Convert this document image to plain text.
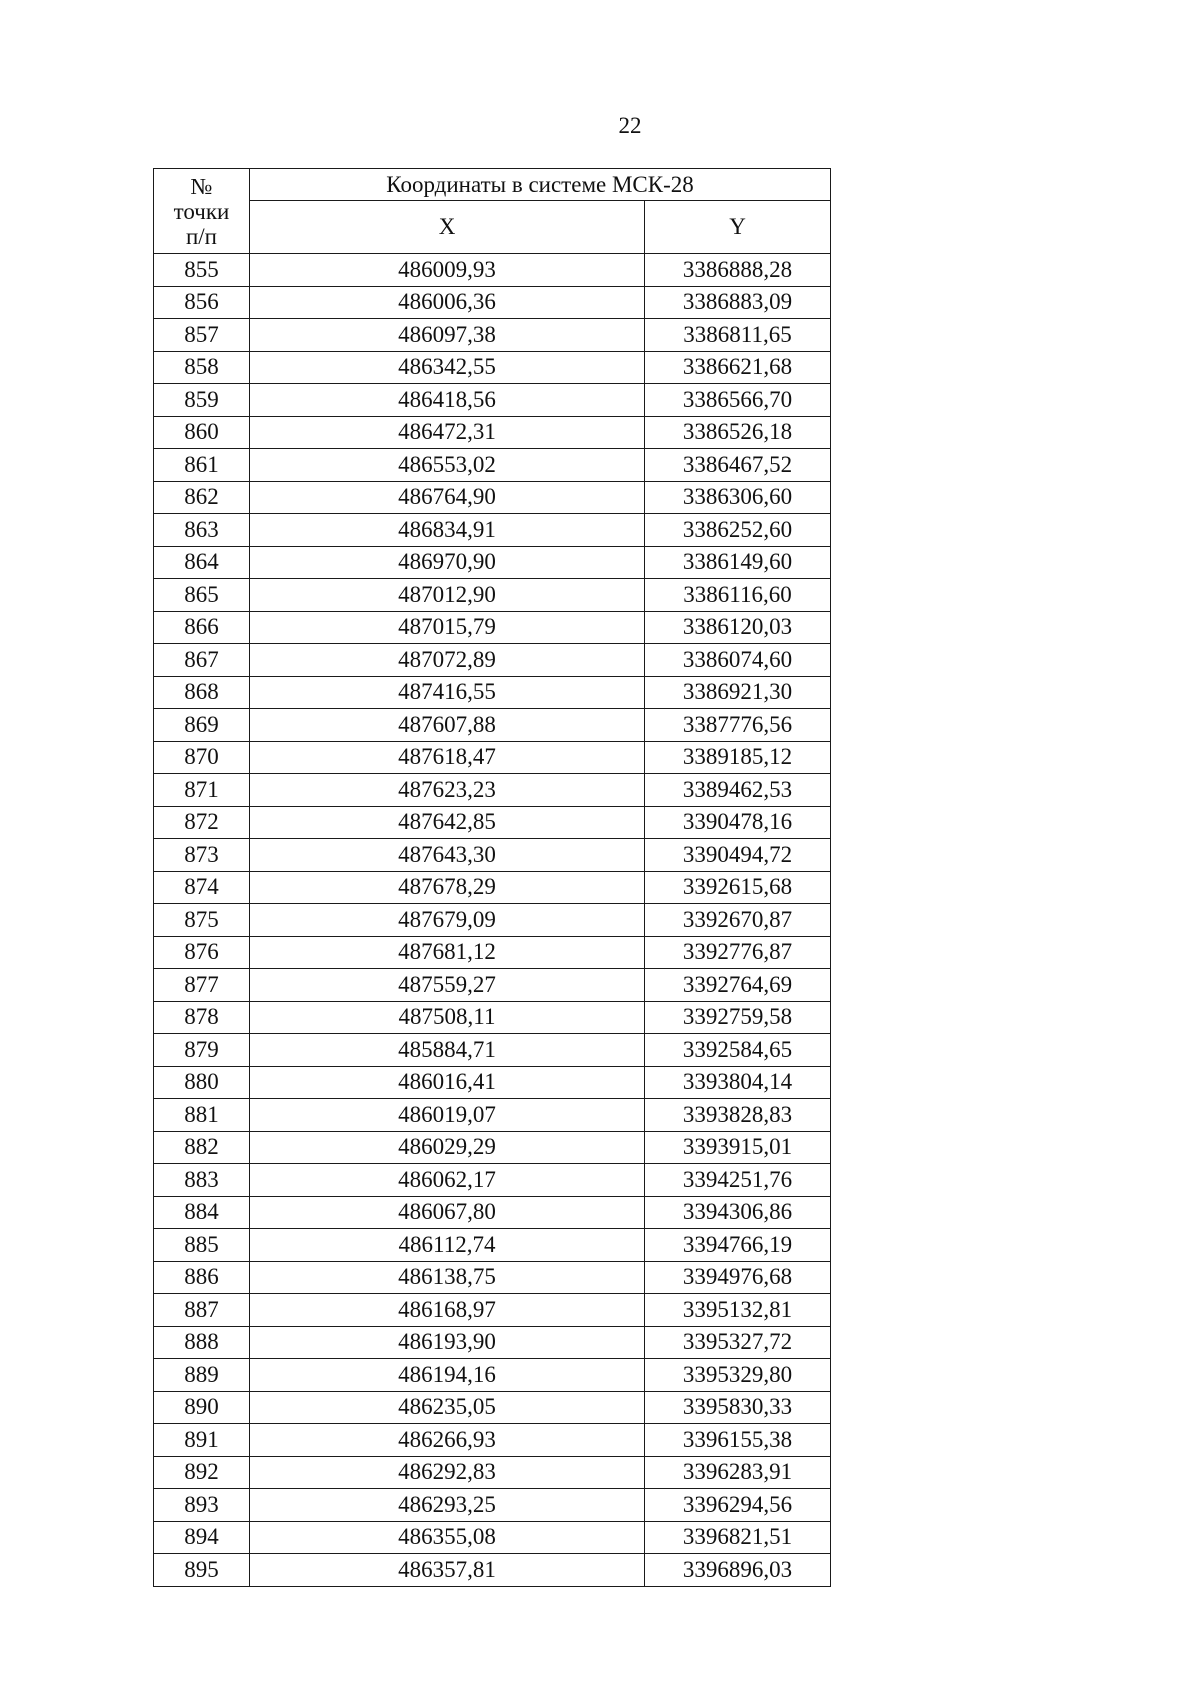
22
№
точки
п/п	Координаты в системе МСК-28	
	X	Y
855	486009,93	3386888,28
856	486006,36	3386883,09
857	486097,38	3386811,65
858	486342,55	3386621,68
859	486418,56	3386566,70
860	486472,31	3386526,18
861	486553,02	3386467,52
862	486764,90	3386306,60
863	486834,91	3386252,60
864	486970,90	3386149,60
865	487012,90	3386116,60
866	487015,79	3386120,03
867	487072,89	3386074,60
868	487416,55	3386921,30
869	487607,88	3387776,56
870	487618,47	3389185,12
871	487623,23	3389462,53
872	487642,85	3390478,16
873	487643,30	3390494,72
874	487678,29	3392615,68
875	487679,09	3392670,87
876	487681,12	3392776,87
877	487559,27	3392764,69
878	487508,11	3392759,58
879	485884,71	3392584,65
880	486016,41	3393804,14
881	486019,07	3393828,83
882	486029,29	3393915,01
883	486062,17	3394251,76
884	486067,80	3394306,86
885	486112,74	3394766,19
886	486138,75	3394976,68
887	486168,97	3395132,81
888	486193,90	3395327,72
889	486194,16	3395329,80
890	486235,05	3395830,33
891	486266,93	3396155,38
892	486292,83	3396283,91
893	486293,25	3396294,56
894	486355,08	3396821,51
895	486357,81	3396896,03
